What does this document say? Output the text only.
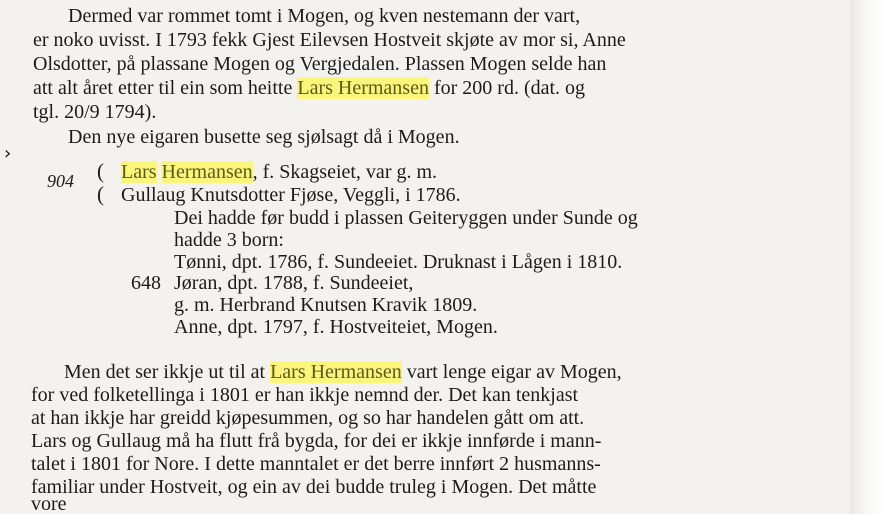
Dermed var rommet tomt i Mogen, og kven nestemann der vart,
er noko uvisst. I 1793 fekk Gjest Eilevsen Hostveit skjøte av mor si, Anne
Olsdotter, på plassane Mogen og Vergjedalen. Plassen Mogen selde han
att alt året etter til ein som heitte Lars Hermansen for 200 rd. (dat. og
tgl. 20/9 1794).
Den nye eigaren busette seg sjølsagt då i Mogen.
›
904 (
(
Lars Hermansen, f. Skagseiet, var g. m.
Gullaug Knutsdotter Fjøse, Veggli, i 1786.
Dei hadde før budd i plassen Geiteryggen under Sunde og
hadde 3 born:
Tønni, dpt. 1786, f. Sundeeiet. Druknast i Lågen i 1810.
648 Jøran, dpt. 1788, f. Sundeeiet,
g. m. Herbrand Knutsen Kravik 1809.
Anne, dpt. 1797, f. Hostveiteiet, Mogen.
Men det ser ikkje ut til at Lars Hermansen vart lenge eigar av Mogen,
for ved folketellinga i 1801 er han ikkje nemnd der. Det kan tenkjast
at han ikkje har greidd kjøpesummen, og so har handelen gått om att.
Lars og Gullaug må ha flutt frå bygda, for dei er ikkje innførde i mann-
talet i 1801 for Nore. I dette manntalet er det berre innført 2 husmanns-
familiar under Hostveit, og ein av dei budde truleg i Mogen. Det måtte
vore
